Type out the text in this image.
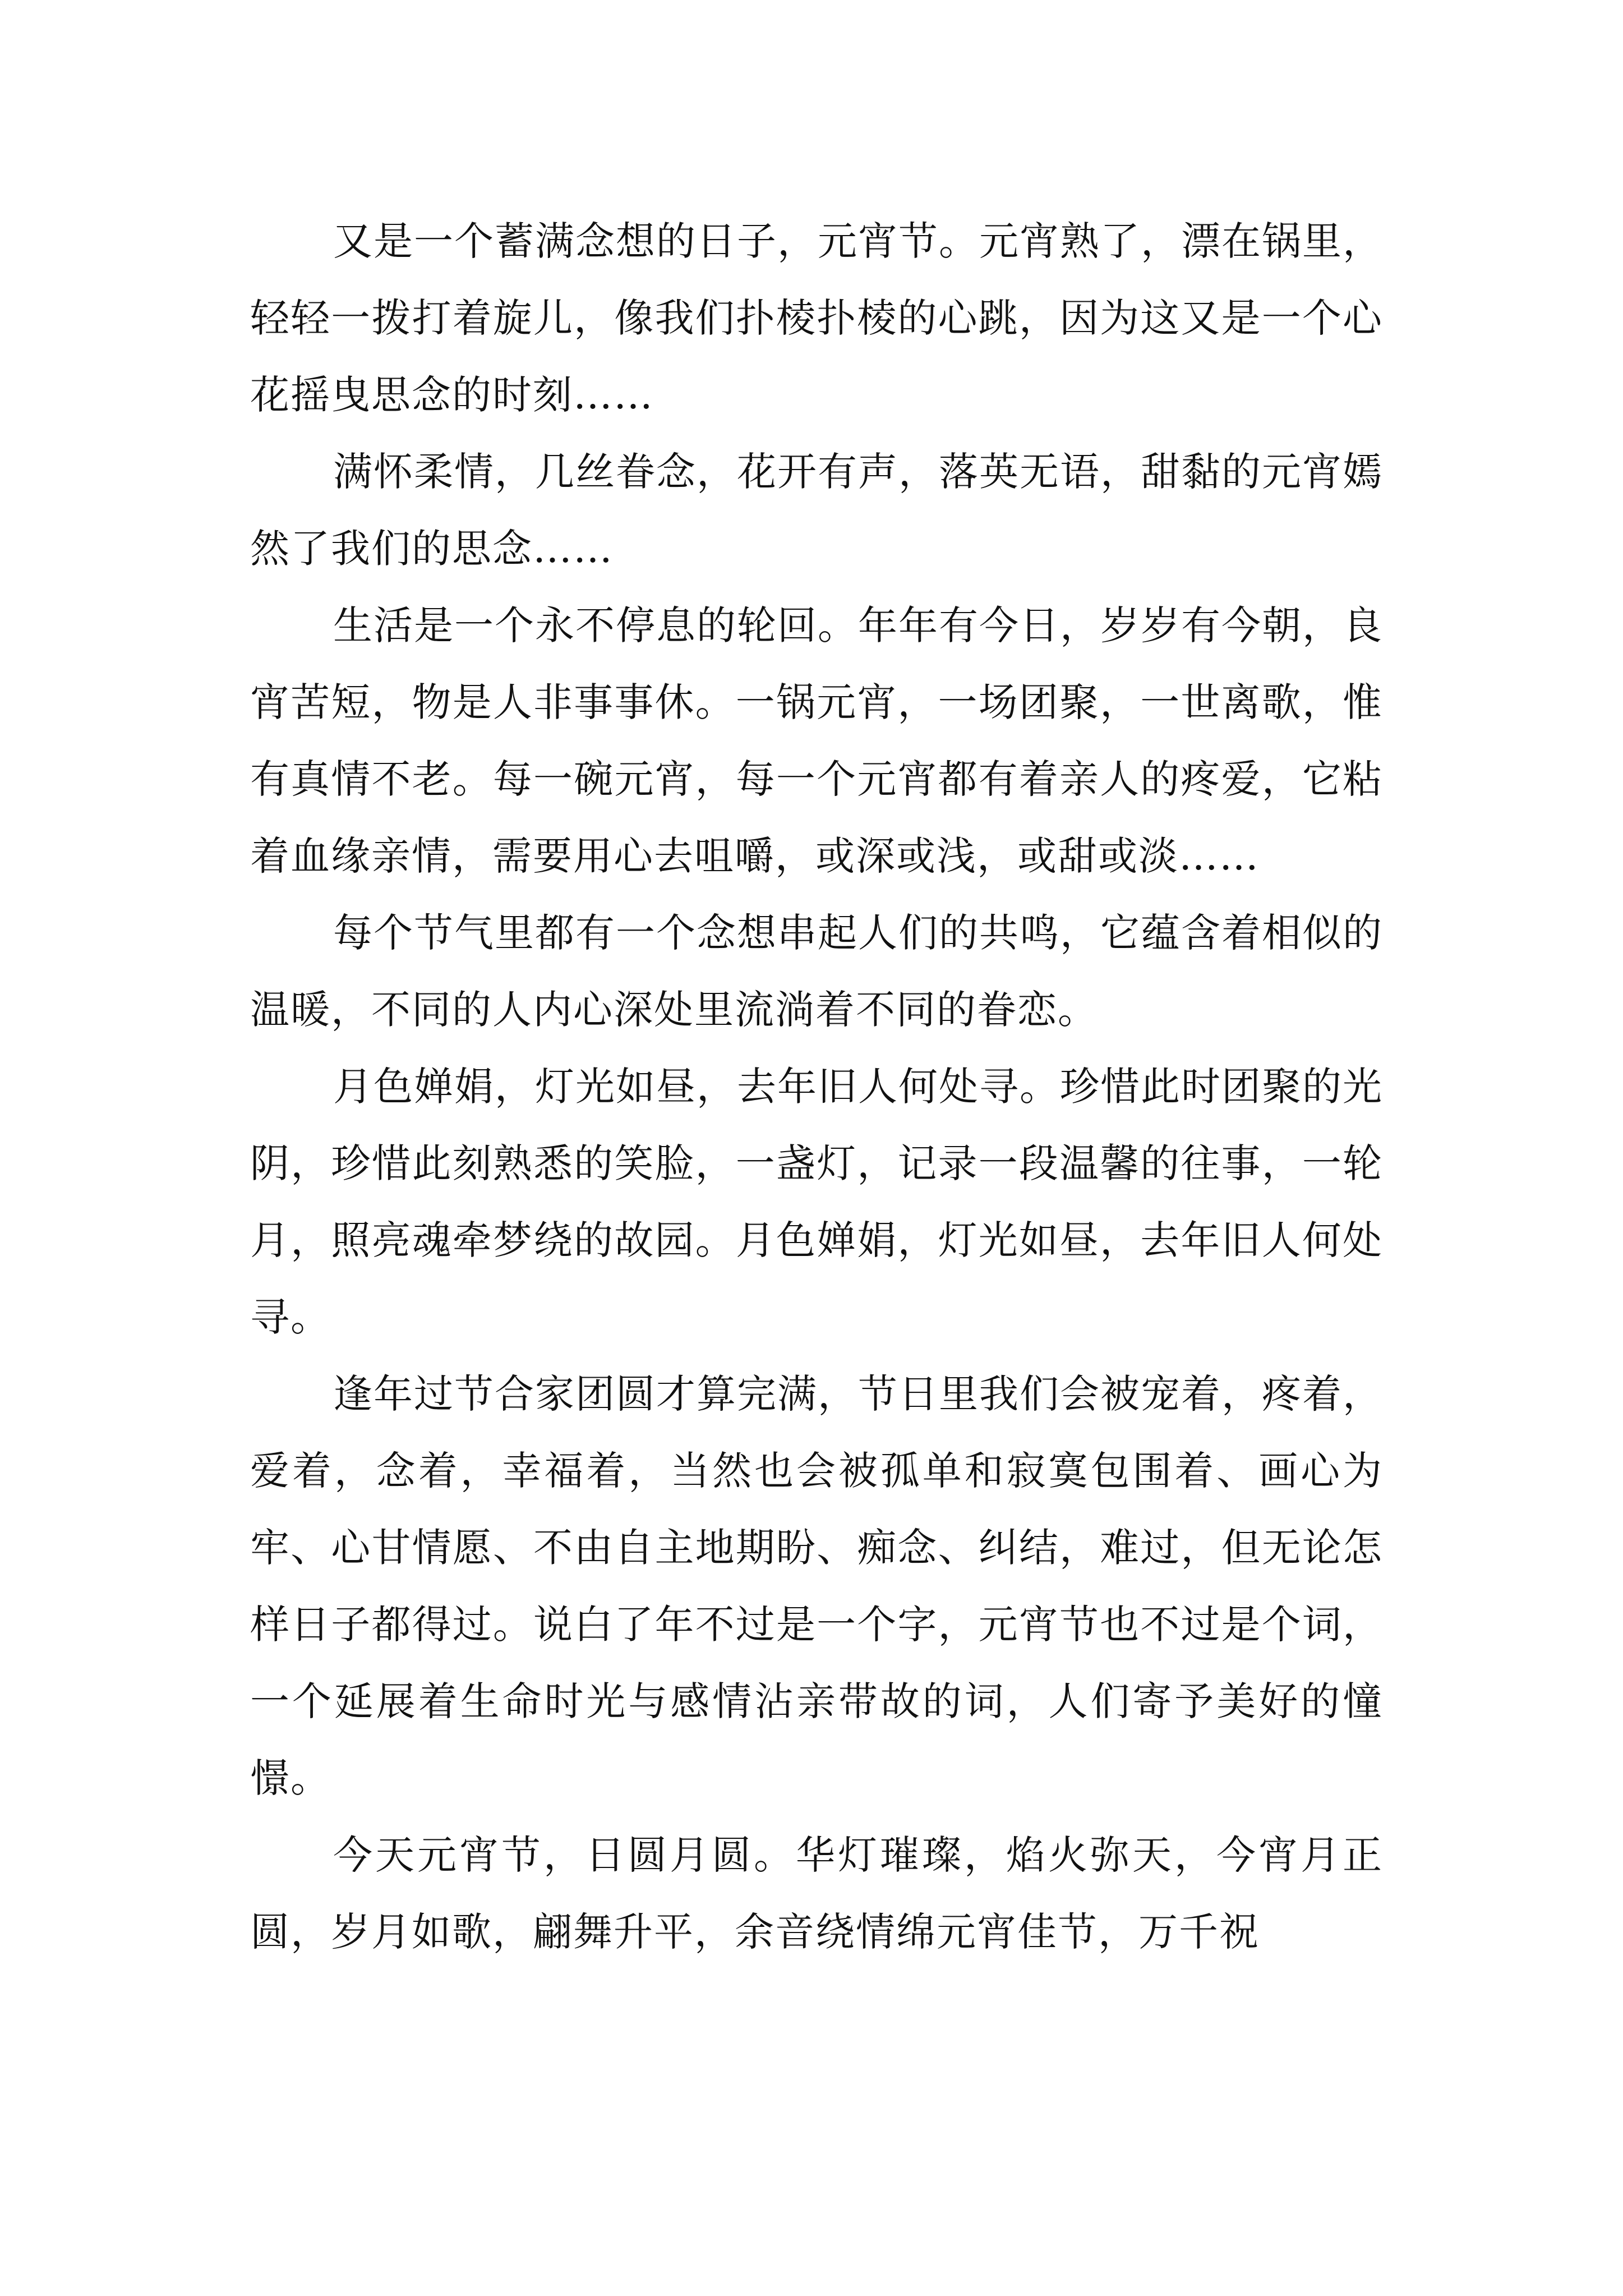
又是一个蓄满念想的日子，元宵节。元宵熟了，漂在锅里，轻轻一拨打着旋儿，像我们扑棱扑棱的心跳，因为这又是一个心花摇曳思念的时刻……

满怀柔情，几丝眷念，花开有声，落英无语，甜黏的元宵嫣然了我们的思念……

生活是一个永不停息的轮回。年年有今日，岁岁有今朝，良宵苦短，物是人非事事休。一锅元宵，一场团聚，一世离歌，惟有真情不老。每一碗元宵，每一个元宵都有着亲人的疼爱，它粘着血缘亲情，需要用心去咀嚼，或深或浅，或甜或淡……

每个节气里都有一个念想串起人们的共鸣，它蕴含着相似的温暖，不同的人内心深处里流淌着不同的眷恋。

月色婵娟，灯光如昼，去年旧人何处寻。珍惜此时团聚的光阴，珍惜此刻熟悉的笑脸，一盏灯，记录一段温馨的往事，一轮月，照亮魂牵梦绕的故园。月色婵娟，灯光如昼，去年旧人何处寻。

逢年过节合家团圆才算完满，节日里我们会被宠着，疼着，爱着，念着，幸福着，当然也会被孤单和寂寞包围着、画心为牢、心甘情愿、不由自主地期盼、痴念、纠结，难过，但无论怎样日子都得过。说白了年不过是一个字，元宵节也不过是个词，一个延展着生命时光与感情沾亲带故的词，人们寄予美好的憧憬。

今天元宵节，日圆月圆。华灯璀璨，焰火弥天，今宵月正圆，岁月如歌，翩舞升平，余音绕情绵元宵佳节，万千祝
